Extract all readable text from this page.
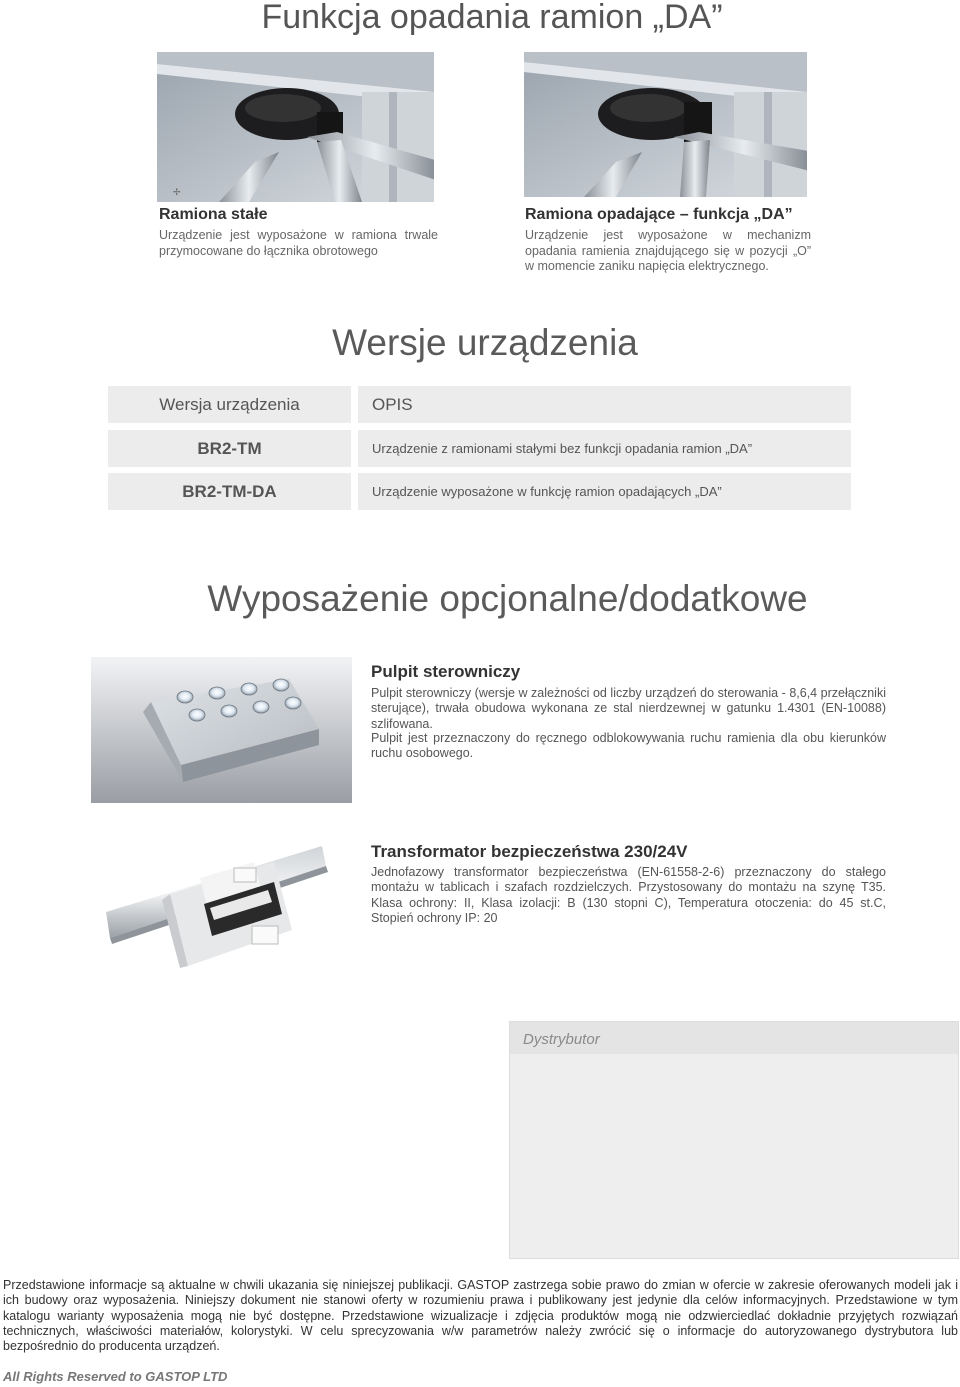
Funkcja opadania ramion „DA”
✢
Ramiona stałe
Urządzenie jest wyposażone w ramiona trwale przymocowane do łącznika obrotowego
Ramiona opadające – funkcja „DA”
Urządzenie jest wyposażone w mechanizm opadania ramienia znajdującego się w pozycji „O” w momencie zaniku napięcia elektrycznego.
Wersje urządzenia
Wersja urządzenia	OPIS
BR2-TM	Urządzenie z ramionami stałymi bez funkcji opadania ramion „DA”
BR2-TM-DA	Urządzenie wyposażone w funkcję ramion opadających „DA”
Wyposażenie opcjonalne/dodatkowe
Pulpit sterowniczy
Pulpit sterowniczy (wersje w zależności od liczby urządzeń do sterowania - 8,6,4 przełączniki sterujące), trwała obudowa wykonana ze stal nierdzewnej w gatunku 1.4301 (EN-10088) szlifowana.
Pulpit jest przeznaczony do ręcznego odblokowywania ruchu ramienia dla obu kierunków ruchu osobowego.
Transformator bezpieczeństwa 230/24V
Jednofazowy transformator bezpieczeństwa (EN-61558-2-6) przeznaczony do stałego montażu w tablicach i szafach rozdzielczych. Przystosowany do montażu na szynę T35. Klasa ochrony: II, Klasa izolacji: B (130 stopni C), Temperatura otoczenia: do 45 st.C, Stopień ochrony IP: 20
Dystrybutor
Przedstawione informacje są aktualne w chwili ukazania się niniejszej publikacji. GASTOP zastrzega sobie prawo do zmian w ofercie w zakresie oferowanych modeli jak i ich budowy oraz wyposażenia. Niniejszy dokument nie stanowi oferty w rozumieniu prawa i publikowany jest jedynie dla celów informacyjnych. Przedstawione w tym katalogu warianty wyposażenia mogą nie być dostępne. Przedstawione wizualizacje i zdjęcia produktów mogą nie odzwierciedlać dokładnie przyjętych rozwiązań technicznych, właściwości materiałów, kolorystyki. W celu sprecyzowania w/w parametrów należy zwrócić się o informacje do autoryzowanego dystrybutora lub bezpośrednio do producenta urządzeń.
All Rights Reserved to GASTOP LTD
